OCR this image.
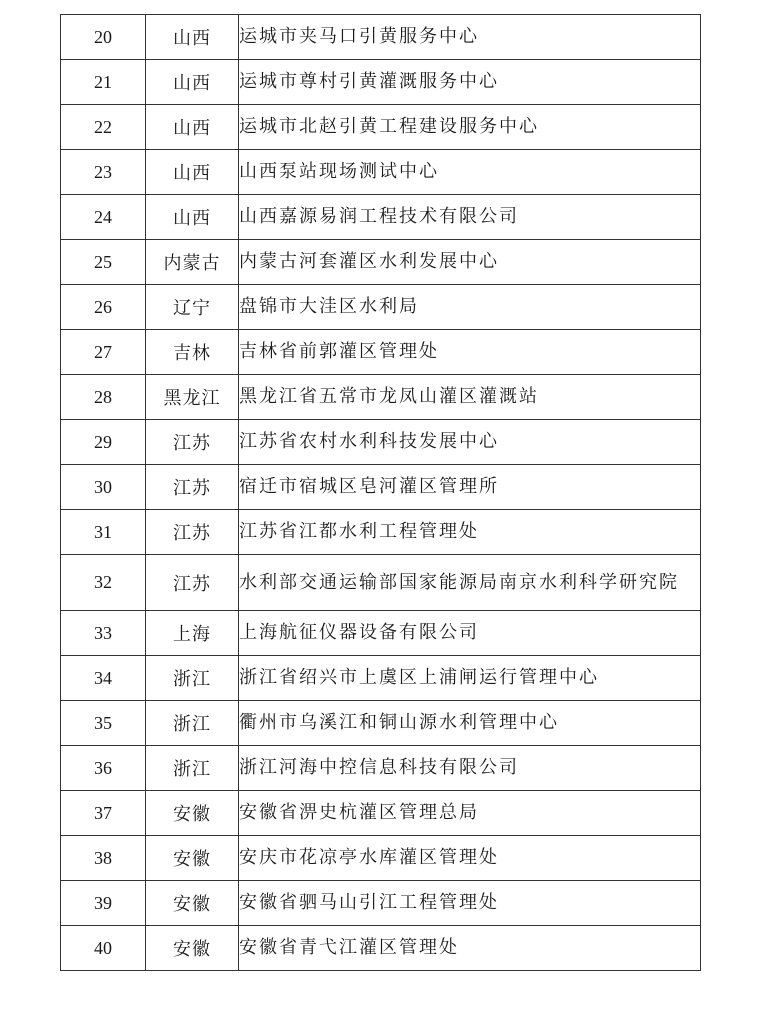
20	山西	运城市夹马口引黄服务中心
21	山西	运城市尊村引黄灌溉服务中心
22	山西	运城市北赵引黄工程建设服务中心
23	山西	山西泵站现场测试中心
24	山西	山西嘉源易润工程技术有限公司
25	内蒙古	内蒙古河套灌区水利发展中心
26	辽宁	盘锦市大洼区水利局
27	吉林	吉林省前郭灌区管理处
28	黑龙江	黑龙江省五常市龙凤山灌区灌溉站
29	江苏	江苏省农村水利科技发展中心
30	江苏	宿迁市宿城区皂河灌区管理所
31	江苏	江苏省江都水利工程管理处
32	江苏	水利部交通运输部国家能源局南京水利科学研究院
33	上海	上海航征仪器设备有限公司
34	浙江	浙江省绍兴市上虞区上浦闸运行管理中心
35	浙江	衢州市乌溪江和铜山源水利管理中心
36	浙江	浙江河海中控信息科技有限公司
37	安徽	安徽省淠史杭灌区管理总局
38	安徽	安庆市花凉亭水库灌区管理处
39	安徽	安徽省驷马山引江工程管理处
40	安徽	安徽省青弋江灌区管理处
